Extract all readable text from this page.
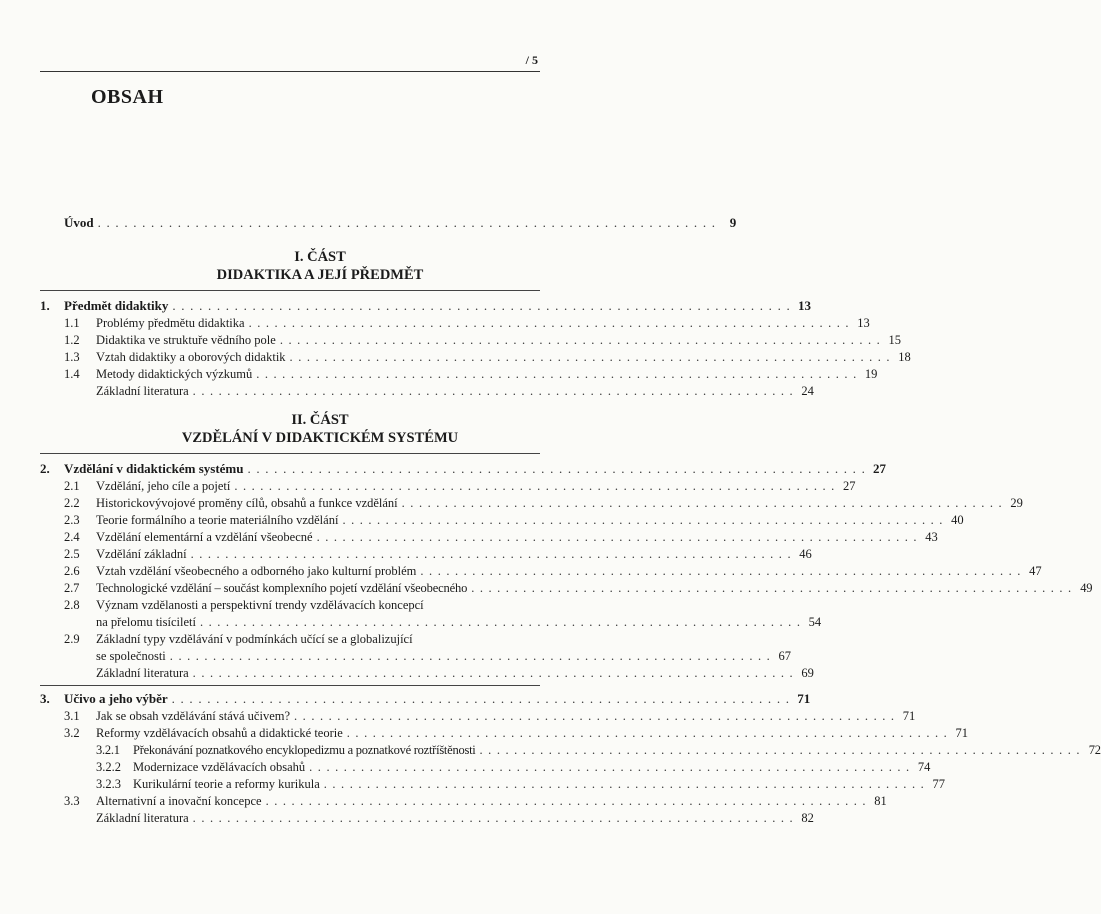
/ 5
OBSAH
Úvod . . . . . . . . . . . . . . . . . . . . . . . . . . . . . . . . . . . . . . . . . . . . . . . . . . . . . . . . . . . . . . . . . . . . . .	9
I. ČÁST
DIDAKTIKA A JEJÍ PŘEDMĚT
1. Předmět didaktiky . . . . . . . . . . . . . . . . . . . . . . . . . . . . . . . . . . . . . . . . . . . . . . . . . . . . . . . . . . . . . . . . . . . . . . 13
1.1 Problémy předmětu didaktika . . . . . . . . . . . . . . . . . . . . . . . . . . . . . . . . . . . . . . . . . . . . . . . . . . . . . . . . . . . . . . . . . . . . . . 13
1.2 Didaktika ve struktuře vědního pole . . . . . . . . . . . . . . . . . . . . . . . . . . . . . . . . . . . . . . . . . . . . . . . . . . . . . . . . . . . . . . . . . . . . . . 15
1.3 Vztah didaktiky a oborových didaktik . . . . . . . . . . . . . . . . . . . . . . . . . . . . . . . . . . . . . . . . . . . . . . . . . . . . . . . . . . . . . . . . . . . . . . 18
1.4 Metody didaktických výzkumů . . . . . . . . . . . . . . . . . . . . . . . . . . . . . . . . . . . . . . . . . . . . . . . . . . . . . . . . . . . . . . . . . . . . . . 19
Základní literatura . . . . . . . . . . . . . . . . . . . . . . . . . . . . . . . . . . . . . . . . . . . . . . . . . . . . . . . . . . . . . . . . . . . . . . 24
II. ČÁST
VZDĚLÁNÍ V DIDAKTICKÉM SYSTÉMU
2. Vzdělání v didaktickém systému . . . . . . . . . . . . . . . . . . . . . . . . . . . . . . . . . . . . . . . . . . . . . . . . . . . . . . . . . . . . . . . . . . . . . . 27
2.1 Vzdělání, jeho cíle a pojetí . . . . . . . . . . . . . . . . . . . . . . . . . . . . . . . . . . . . . . . . . . . . . . . . . . . . . . . . . . . . . . . . . . . . . . 27
2.2 Historickovývojové proměny cílů, obsahů a funkce vzdělání . . . . . . . . . . . . . . . . . . . . . . . . . . . . . . . . . . . . . . . . . . . . . . . . . . . . . . . . . . . . . . . . . . . . . . 29
2.3 Teorie formálního a teorie materiálního vzdělání . . . . . . . . . . . . . . . . . . . . . . . . . . . . . . . . . . . . . . . . . . . . . . . . . . . . . . . . . . . . . . . . . . . . . . 40
2.4 Vzdělání elementární a vzdělání všeobecné . . . . . . . . . . . . . . . . . . . . . . . . . . . . . . . . . . . . . . . . . . . . . . . . . . . . . . . . . . . . . . . . . . . . . . 43
2.5 Vzdělání základní . . . . . . . . . . . . . . . . . . . . . . . . . . . . . . . . . . . . . . . . . . . . . . . . . . . . . . . . . . . . . . . . . . . . . . 46
2.6 Vztah vzdělání všeobecného a odborného jako kulturní problém . . . . . . . . . . . . . . . . . . . . . . . . . . . . . . . . . . . . . . . . . . . . . . . . . . . . . . . . . . . . . . . . . . . . . . 47
2.7 Technologické vzdělání – součást komplexního pojetí vzdělání všeobecného . . . . . . . . . . . . . . . . . . . . . . . . . . . . . . . . . . . . . . . . . . . . . . . . . . . . . . . . . . . . . . . . . . . . . . 49
2.8 Význam vzdělanosti a perspektivní trendy vzdělávacích koncepcí
na přelomu tisíciletí . . . . . . . . . . . . . . . . . . . . . . . . . . . . . . . . . . . . . . . . . . . . . . . . . . . . . . . . . . . . . . . . . . . . . . 54
2.9 Základní typy vzdělávání v podmínkách učící se a globalizující
se společnosti . . . . . . . . . . . . . . . . . . . . . . . . . . . . . . . . . . . . . . . . . . . . . . . . . . . . . . . . . . . . . . . . . . . . . . 67
Základní literatura . . . . . . . . . . . . . . . . . . . . . . . . . . . . . . . . . . . . . . . . . . . . . . . . . . . . . . . . . . . . . . . . . . . . . . 69
3. Učivo a jeho výběr . . . . . . . . . . . . . . . . . . . . . . . . . . . . . . . . . . . . . . . . . . . . . . . . . . . . . . . . . . . . . . . . . . . . . . 71
3.1 Jak se obsah vzdělávání stává učivem? . . . . . . . . . . . . . . . . . . . . . . . . . . . . . . . . . . . . . . . . . . . . . . . . . . . . . . . . . . . . . . . . . . . . . . 71
3.2 Reformy vzdělávacích obsahů a didaktické teorie . . . . . . . . . . . . . . . . . . . . . . . . . . . . . . . . . . . . . . . . . . . . . . . . . . . . . . . . . . . . . . . . . . . . . . 71
3.2.1 Překonávání poznatkového encyklopedizmu a poznatkové roztříštěnosti . . . . . . . . . . . . . . . . . . . . . . . . . . . . . . . . . . . . . . . . . . . . . . . . . . . . . . . . . . . . . . . . . . . . . . 72
3.2.2 Modernizace vzdělávacích obsahů . . . . . . . . . . . . . . . . . . . . . . . . . . . . . . . . . . . . . . . . . . . . . . . . . . . . . . . . . . . . . . . . . . . . . . 74
3.2.3 Kurikulární teorie a reformy kurikula . . . . . . . . . . . . . . . . . . . . . . . . . . . . . . . . . . . . . . . . . . . . . . . . . . . . . . . . . . . . . . . . . . . . . . 77
3.3 Alternativní a inovační koncepce . . . . . . . . . . . . . . . . . . . . . . . . . . . . . . . . . . . . . . . . . . . . . . . . . . . . . . . . . . . . . . . . . . . . . . 81
Základní literatura . . . . . . . . . . . . . . . . . . . . . . . . . . . . . . . . . . . . . . . . . . . . . . . . . . . . . . . . . . . . . . . . . . . . . . 82
